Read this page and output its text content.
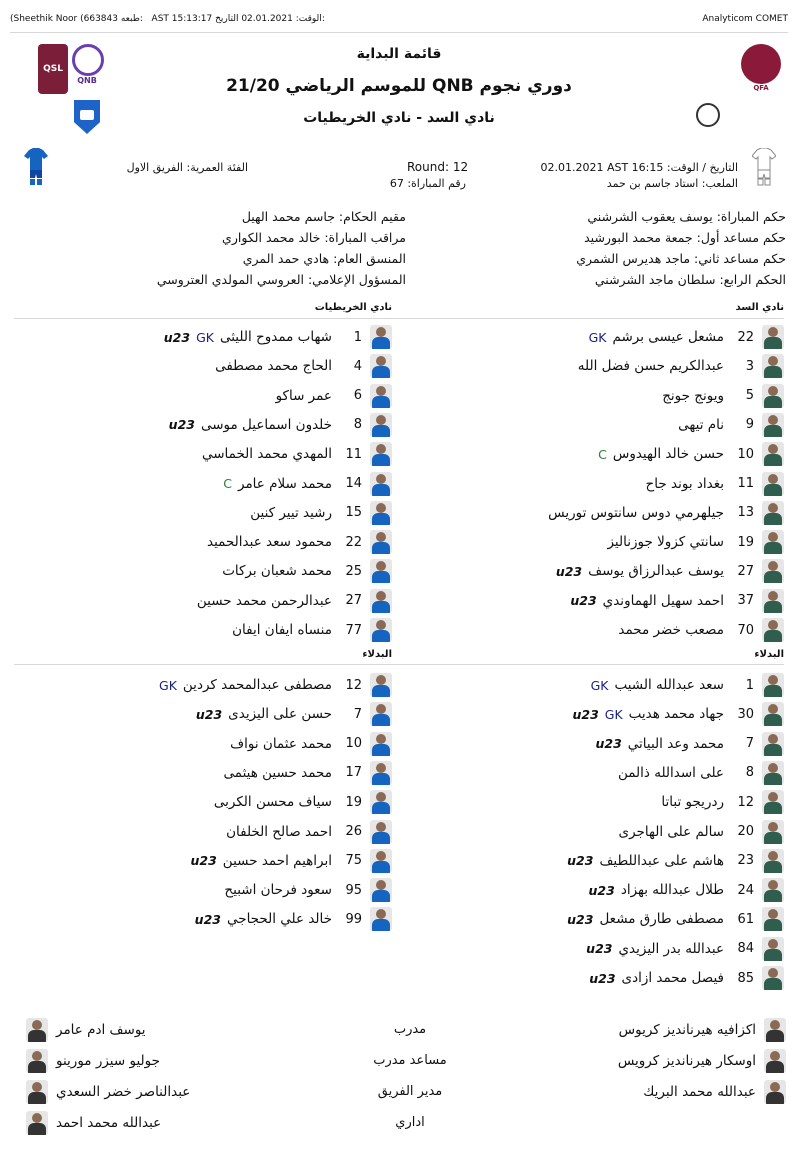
(Sheethik Noor (663843 طبعه: AST 15:13:17	الوقت: 02.01.2021 التاريخ:	Analyticom COMET
QSL
QNB
QFA
قائمة البداية
دوري نجوم QNB للموسم الرياضي 21/20
نادي السد - نادي الخريطيات
التاريخ / الوقت: 02.01.2021 AST 16:15
الملعب: استاد جاسم بن حمد
Round: 12
رقم المباراة: 67
الفئة العمرية: الفريق الاول
حكم المباراة: يوسف يعقوب الشرشني
حكم مساعد أول: جمعة محمد البورشيد
حكم مساعد ثاني: ماجد هديرس الشمري
الحكم الرابع: سلطان ماجد الشرشني
مقيم الحكام: جاسم محمد الهيل
مراقب المباراة: خالد محمد الكواري
المنسق العام: هادي حمد المري
المسؤول الإعلامي: العروسي المولدي العتروسي
نادي السد
نادي الخريطيات
البدلاء
البدلاء
22
مشعل عيسى برشم
GK
3
عبدالكريم حسن فضل الله
5
ويونج جونج
9
نام تيهى
10
حسن خالد الهيدوس
C
11
بغداد بوند جاح
13
جيلهرمي دوس سانتوس توريس
19
سانتي كزولا جوزناليز
27
يوسف عبدالرزاق يوسف
u23
37
احمد سهيل الهماوندي
u23
70
مصعب خضر محمد
1
شهاب ممدوح الليثى
GK
u23
4
الحاج محمد مصطفى
6
عمر ساكو
8
خلدون اسماعيل موسى
u23
11
المهدي محمد الخماسي
14
محمد سلام عامر
C
15
رشيد تيير كنين
22
محمود سعد عبدالحميد
25
محمد شعبان بركات
27
عبدالرحمن محمد حسين
77
منساه ايفان ايفان
1
سعد عبدالله الشيب
GK
30
جهاد محمد هديب
GK
u23
7
محمد وعد البياتي
u23
8
على اسدالله ذالمن
12
ردريجو تباتا
20
سالم على الهاجرى
23
هاشم على عبداللطيف
u23
24
طلال عبدالله بهزاد
u23
61
مصطفى طارق مشعل
u23
84
عبدالله بدر اليزيدي
u23
85
فيصل محمد ازادى
u23
12
مصطفى عبدالمحمد كردين
GK
7
حسن على اليزيدى
u23
10
محمد عثمان نواف
17
محمد حسين هيثمى
19
سياف محسن الكربى
26
احمد صالح الخلفان
75
ابراهيم احمد حسين
u23
95
سعود فرحان اشبيح
99
خالد علي الحجاجي
u23
اكزافيه هيرنانديز كريوس
مدرب
يوسف ادم عامر
اوسكار هيرنانديز كرويس
مساعد مدرب
جوليو سيزر مورينو
عبدالله محمد البريك
مدير الفريق
عبدالناصر خضر السعدي
اداري
عبدالله محمد احمد
